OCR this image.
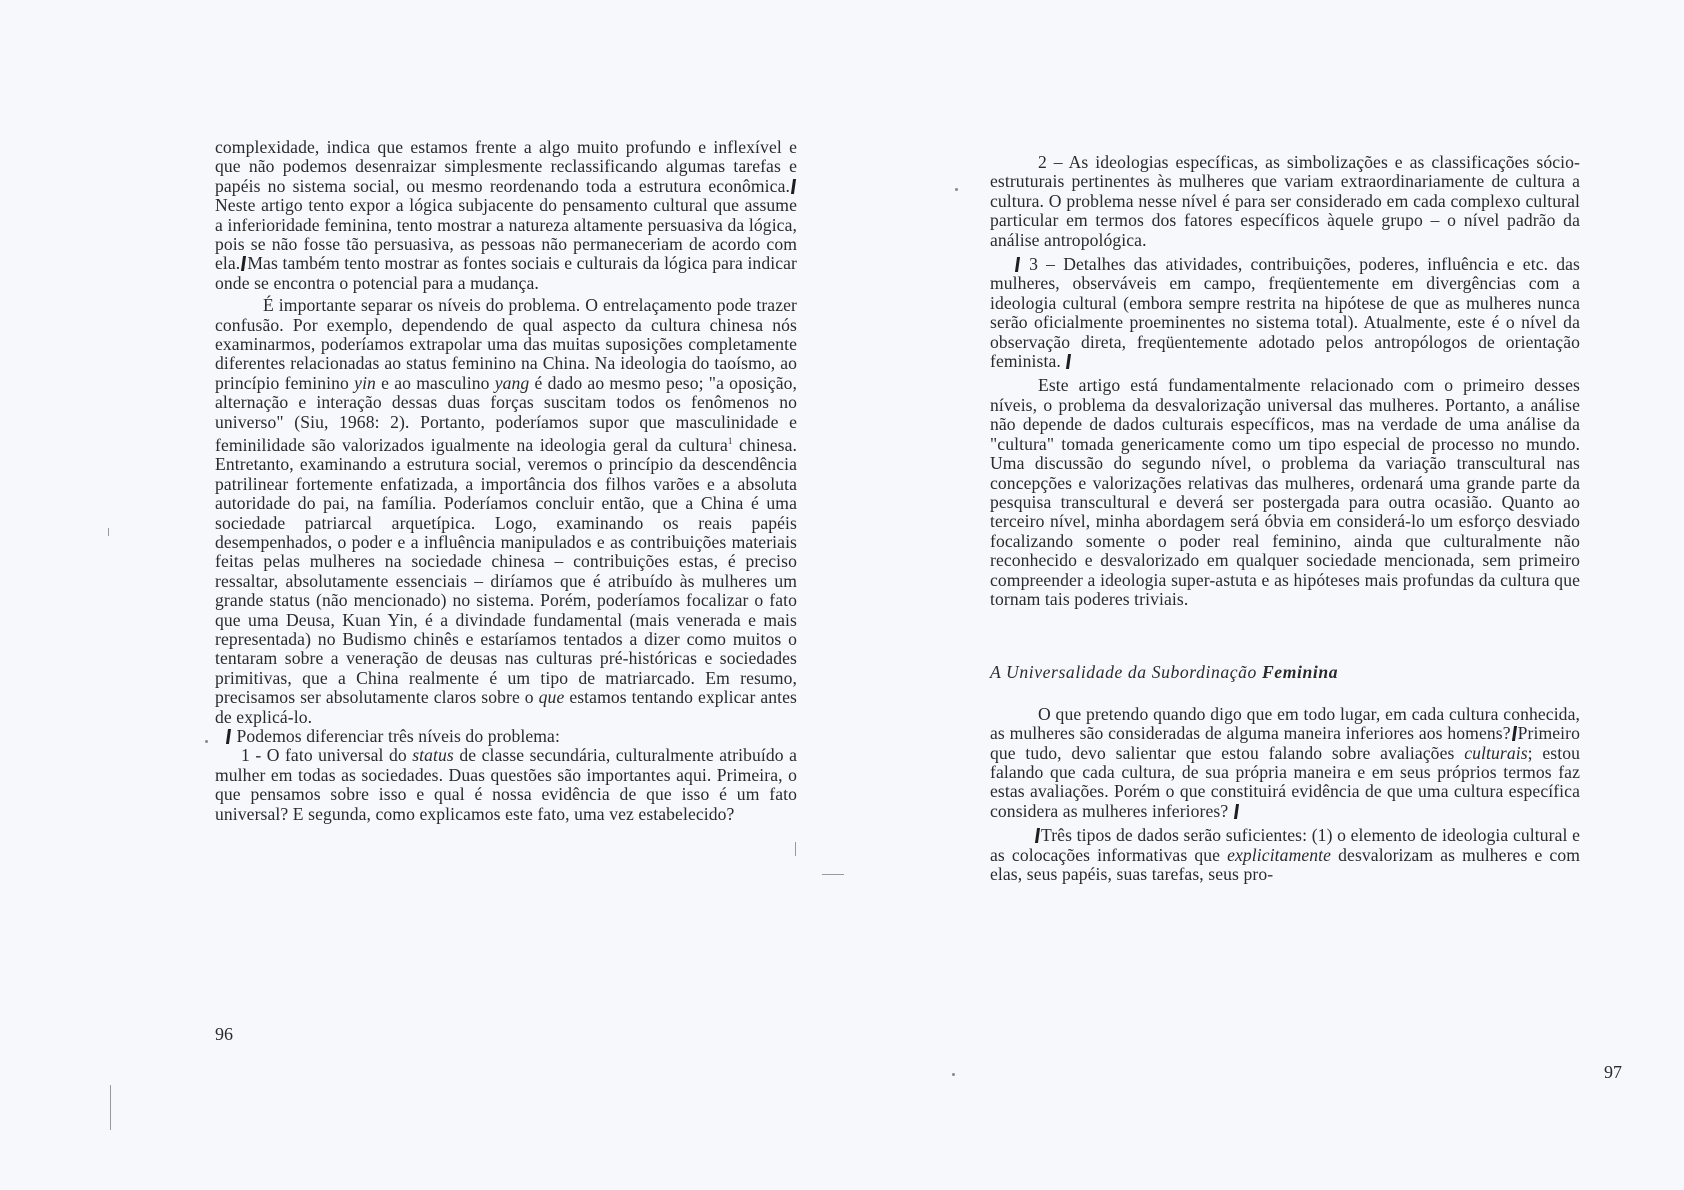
complexidade, indica que estamos frente a algo muito profundo e inflexível e que não podemos desenraizar simplesmente reclassificando algumas tarefas e papéis no sistema social, ou mesmo reordenando toda a estrutura econômica.Neste artigo tento expor a lógica subjacente do pensamento cultural que assume a inferioridade feminina, tento mostrar a natureza altamente persuasiva da lógica, pois se não fosse tão persuasiva, as pessoas não permaneceriam de acordo com ela. Mas também tento mostrar as fontes sociais e culturais da lógica para indicar onde se encontra o potencial para a mudança.

É importante separar os níveis do problema. O entrelaçamento pode trazer confusão. Por exemplo, dependendo de qual aspecto da cultura chinesa nós examinarmos, poderíamos extrapolar uma das muitas suposições completamente diferentes relacionadas ao status feminino na China. Na ideologia do taoísmo, ao princípio feminino yin e ao masculino yang é dado ao mesmo peso; "a oposição, alternação e interação dessas duas forças suscitam todos os fenômenos no universo" (Siu, 1968: 2). Portanto, poderíamos supor que masculinidade e feminilidade são valorizados igualmente na ideologia geral da cultura$^1$ chinesa. Entretanto, examinando a estrutura social, veremos o princípio da descendência patrilinear fortemente enfatizada, a importância dos filhos varões e a absoluta autoridade do pai, na família. Poderíamos concluir então, que a China é uma sociedade patriarcal arquetípica. Logo, examinando os reais papéis desempenhados, o poder e a influência manipulados e as contribuições materiais feitas pelas mulheres na sociedade chinesa – contribuições estas, é preciso ressaltar, absolutamente essenciais – diríamos que é atribuído às mulheres um grande status (não mencionado) no sistema. Porém, poderíamos focalizar o fato que uma Deusa, Kuan Yin, é a divindade fundamental (mais venerada e mais representada) no Budismo chinês e estaríamos tentados a dizer como muitos o tentaram sobre a veneração de deusas nas culturas pré-históricas e sociedades primitivas, que a China realmente é um tipo de matriarcado. Em resumo, precisamos ser absolutamente claros sobre o que estamos tentando explicar antes de explicá-lo.

Podemos diferenciar três níveis do problema:

1 - O fato universal do status de classe secundária, culturalmente atribuído a mulher em todas as sociedades. Duas questões são importantes aqui. Primeira, o que pensamos sobre isso e qual é nossa evidência de que isso é um fato universal? E segunda, como explicamos este fato, uma vez estabelecido?

96

2 – As ideologias específicas, as simbolizações e as classificações sócio-estruturais pertinentes às mulheres que variam extraordinariamente de cultura a cultura. O problema nesse nível é para ser considerado em cada complexo cultural particular em termos dos fatores específicos àquele grupo – o nível padrão da análise antropológica.

3 – Detalhes das atividades, contribuições, poderes, influência e etc. das mulheres, observáveis em campo, freqüentemente em divergências com a ideologia cultural (embora sempre restrita na hipótese de que as mulheres nunca serão oficialmente proeminentes no sistema total). Atualmente, este é o nível da observação direta, freqüentemente adotado pelos antropólogos de orientação feminista.

Este artigo está fundamentalmente relacionado com o primeiro desses níveis, o problema da desvalorização universal das mulheres. Portanto, a análise não depende de dados culturais específicos, mas na verdade de uma análise da "cultura" tomada genericamente como um tipo especial de processo no mundo. Uma discussão do segundo nível, o problema da variação transcultural nas concepções e valorizações relativas das mulheres, ordenará uma grande parte da pesquisa transcultural e deverá ser postergada para outra ocasião. Quanto ao terceiro nível, minha abordagem será óbvia em considerá-lo um esforço desviado focalizando somente o poder real feminino, ainda que culturalmente não reconhecido e desvalorizado em qualquer sociedade mencionada, sem primeiro compreender a ideologia super-astuta e as hipóteses mais profundas da cultura que tornam tais poderes triviais.

A Universalidade da Subordinação Feminina

O que pretendo quando digo que em todo lugar, em cada cultura conhecida, as mulheres são consideradas de alguma maneira inferiores aos homens? Primeiro que tudo, devo salientar que estou falando sobre avaliações culturais; estou falando que cada cultura, de sua própria maneira e em seus próprios termos faz estas avaliações. Porém o que constituirá evidência de que uma cultura específica considera as mulheres inferiores?

Três tipos de dados serão suficientes: (1) o elemento de ideologia cultural e as colocações informativas que explicitamente desvalorizam as mulheres e com elas, seus papéis, suas tarefas, seus pro-

97
